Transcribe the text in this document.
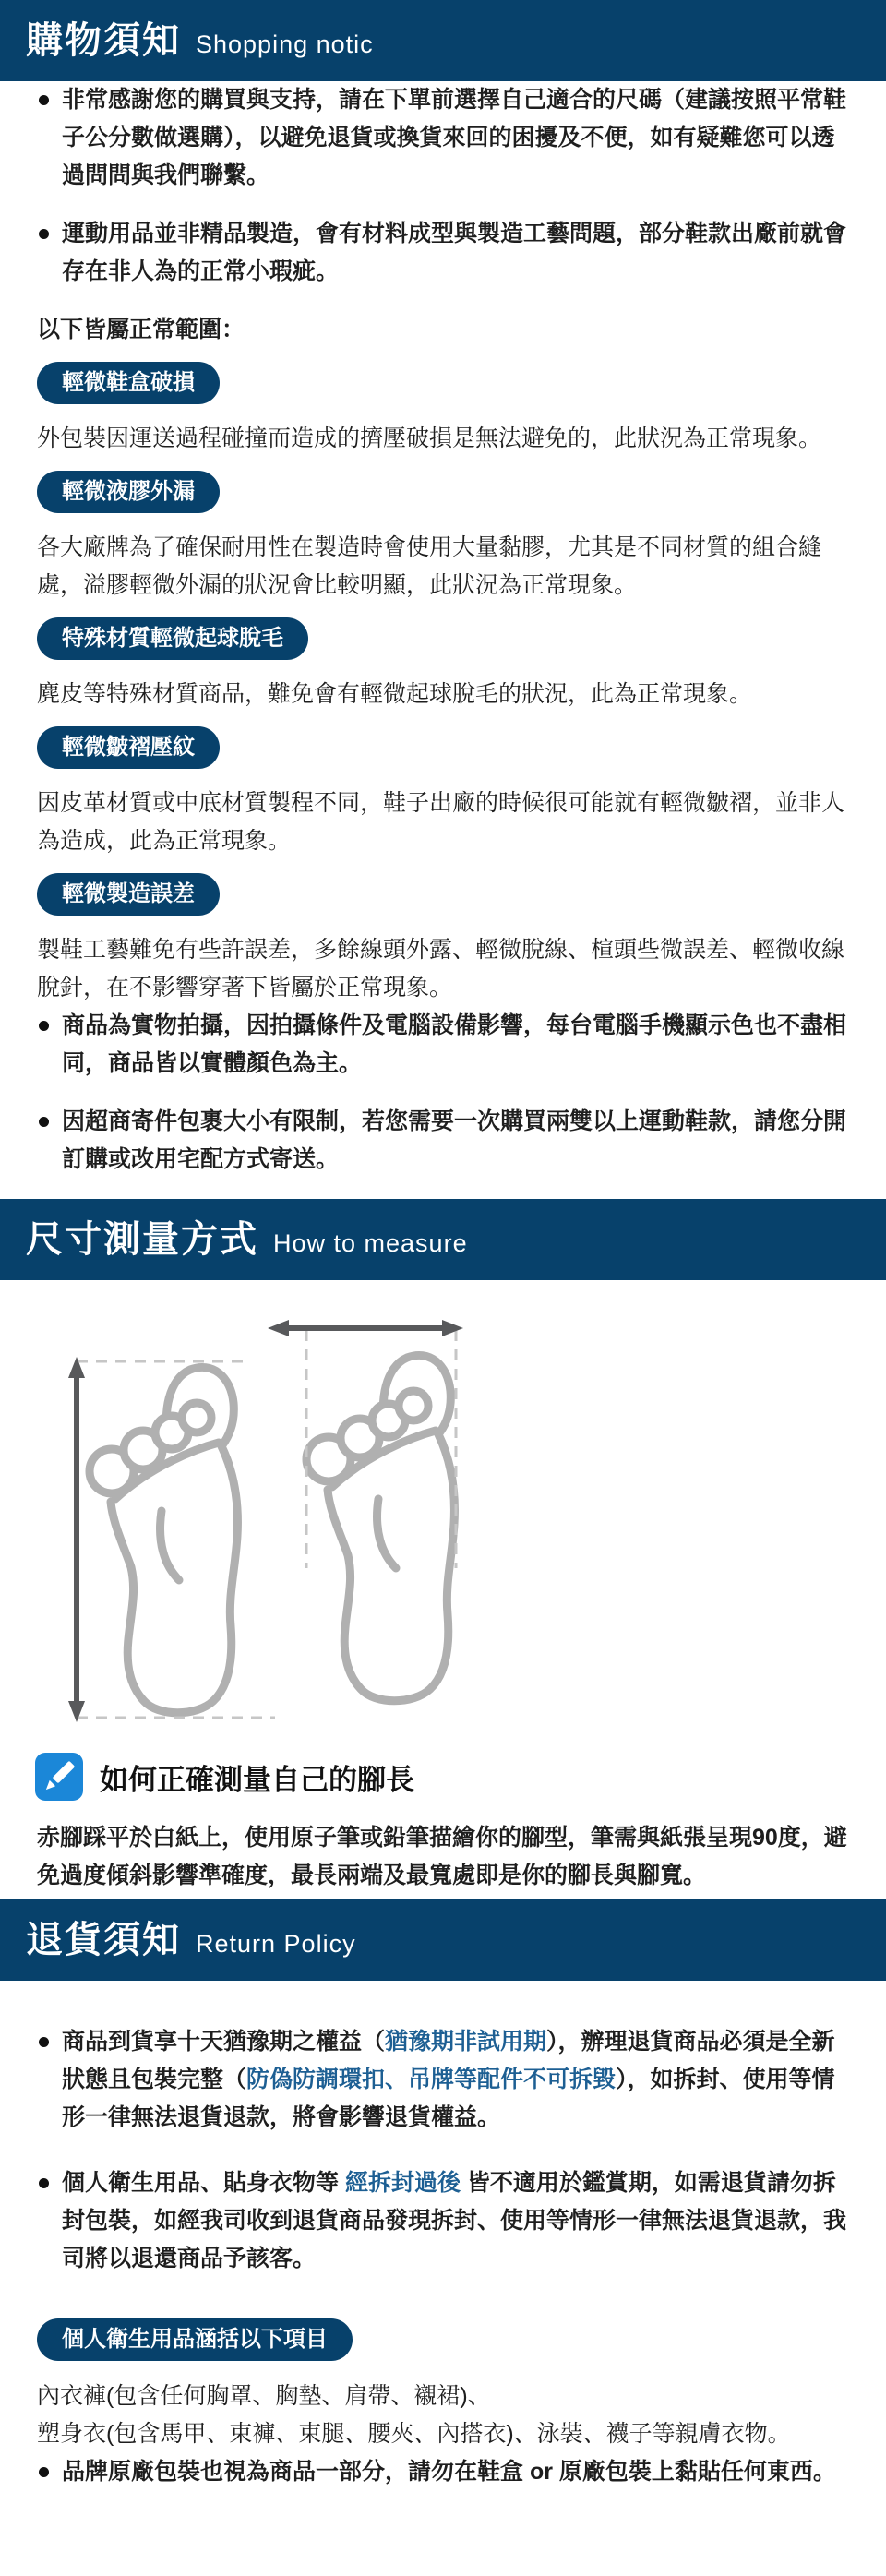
購物須知 Shopping notic
非常感謝您的購買與支持，請在下單前選擇自己適合的尺碼（建議按照平常鞋子公分數做選購），以避免退貨或換貨來回的困擾及不便，如有疑難您可以透過問問與我們聯繫。
運動用品並非精品製造，會有材料成型與製造工藝問題，部分鞋款出廠前就會存在非人為的正常小瑕疵。
以下皆屬正常範圍：
輕微鞋盒破損

外包裝因運送過程碰撞而造成的擠壓破損是無法避免的，此狀況為正常現象。

輕微液膠外漏

各大廠牌為了確保耐用性在製造時會使用大量黏膠，尤其是不同材質的組合縫處，溢膠輕微外漏的狀況會比較明顯，此狀況為正常現象。

特殊材質輕微起球脫毛

麂皮等特殊材質商品，難免會有輕微起球脫毛的狀況，此為正常現象。

輕微皺褶壓紋

因皮革材質或中底材質製程不同，鞋子出廠的時候很可能就有輕微皺褶，並非人為造成，此為正常現象。

輕微製造誤差

製鞋工藝難免有些許誤差，多餘線頭外露、輕微脫線、楦頭些微誤差、輕微收線脫針，在不影響穿著下皆屬於正常現象。

商品為實物拍攝，因拍攝條件及電腦設備影響，每台電腦手機顯示色也不盡相同，商品皆以實體顏色為主。
因超商寄件包裹大小有限制，若您需要一次購買兩雙以上運動鞋款，請您分開訂購或改用宅配方式寄送。
尺寸測量方式 How to measure
如何正確測量自己的腳長

赤腳踩平於白紙上，使用原子筆或鉛筆描繪你的腳型，筆需與紙張呈現90度，避免過度傾斜影響準確度，最長兩端及最寬處即是你的腳長與腳寬。

退貨須知 Return Policy
商品到貨享十天猶豫期之權益（猶豫期非試用期），辦理退貨商品必須是全新狀態且包裝完整（防偽防調環扣、吊牌等配件不可拆毀），如拆封、使用等情形一律無法退貨退款，將會影響退貨權益。
個人衛生用品、貼身衣物等 經拆封過後 皆不適用於鑑賞期，如需退貨請勿拆封包裝，如經我司收到退貨商品發現拆封、使用等情形一律無法退貨退款，我司將以退還商品予該客。
個人衛生用品涵括以下項目
內衣褲(包含任何胸罩、胸墊、肩帶、襯裙)、
塑身衣(包含馬甲、束褲、束腿、腰夾、內搭衣)、泳裝、襪子等親膚衣物。
品牌原廠包裝也視為商品一部分，請勿在鞋盒 or 原廠包裝上黏貼任何東西。
